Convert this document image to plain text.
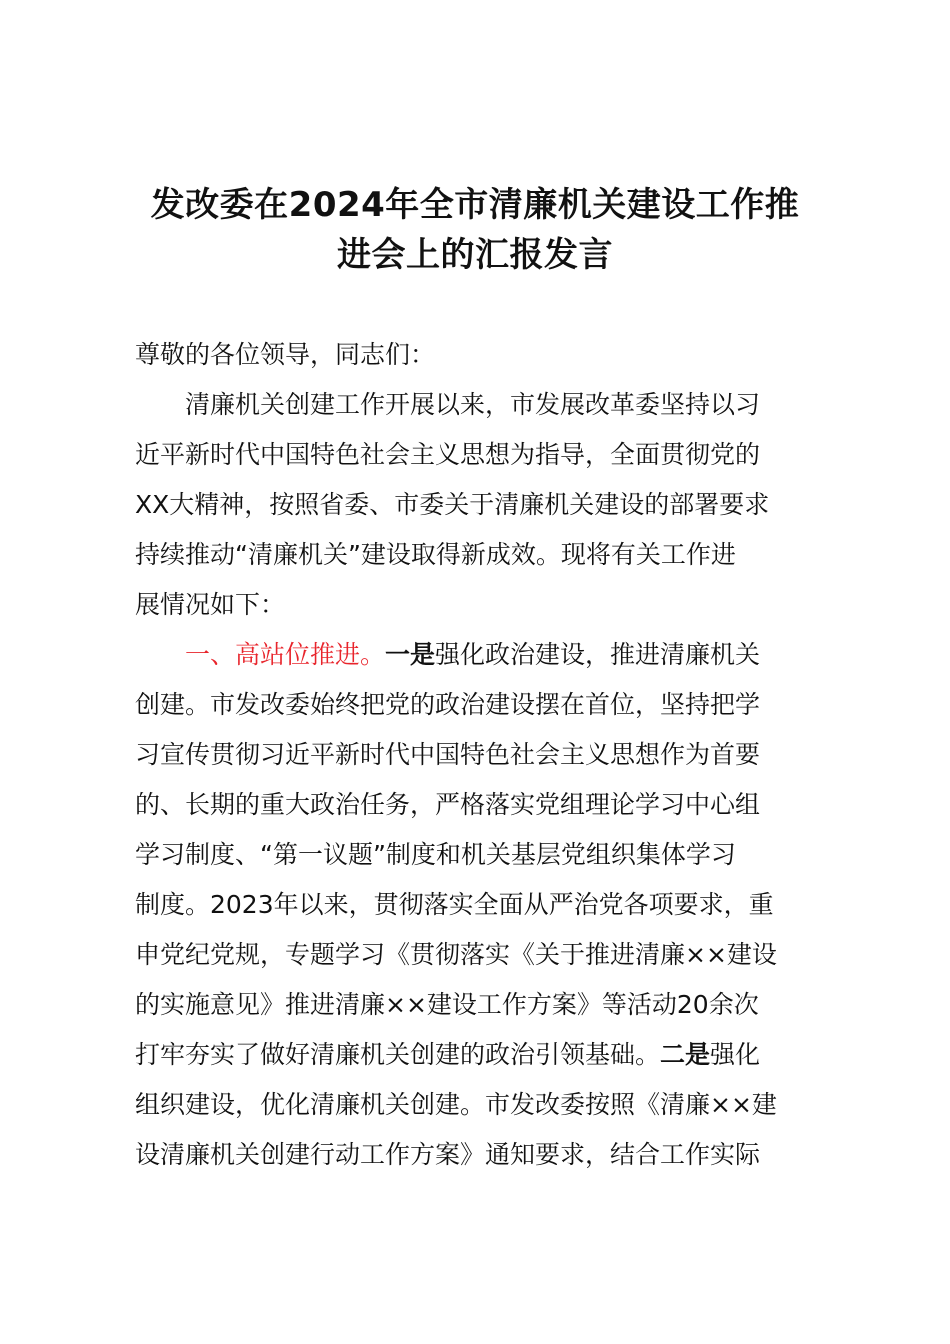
发改委在2024年全市清廉机关建设工作推
进会上的汇报发言

尊敬的各位领导，同志们：

清廉机关创建工作开展以来，市发展改革委坚持以习

近平新时代中国特色社会主义思想为指导，全面贯彻党的

XX大精神，按照省委、市委关于清廉机关建设的部署要求

持续推动“清廉机关”建设取得新成效。现将有关工作进

展情况如下：

一、高站位推进。一是强化政治建设，推进清廉机关

创建。市发改委始终把党的政治建设摆在首位，坚持把学

习宣传贯彻习近平新时代中国特色社会主义思想作为首要

的、长期的重大政治任务，严格落实党组理论学习中心组

学习制度、“第一议题”制度和机关基层党组织集体学习

制度。2023年以来，贯彻落实全面从严治党各项要求，重

申党纪党规，专题学习《贯彻落实《关于推进清廉××建设

的实施意见》推进清廉××建设工作方案》等活动20余次

打牢夯实了做好清廉机关创建的政治引领基础。二是强化

组织建设，优化清廉机关创建。市发改委按照《清廉××建

设清廉机关创建行动工作方案》通知要求，结合工作实际
